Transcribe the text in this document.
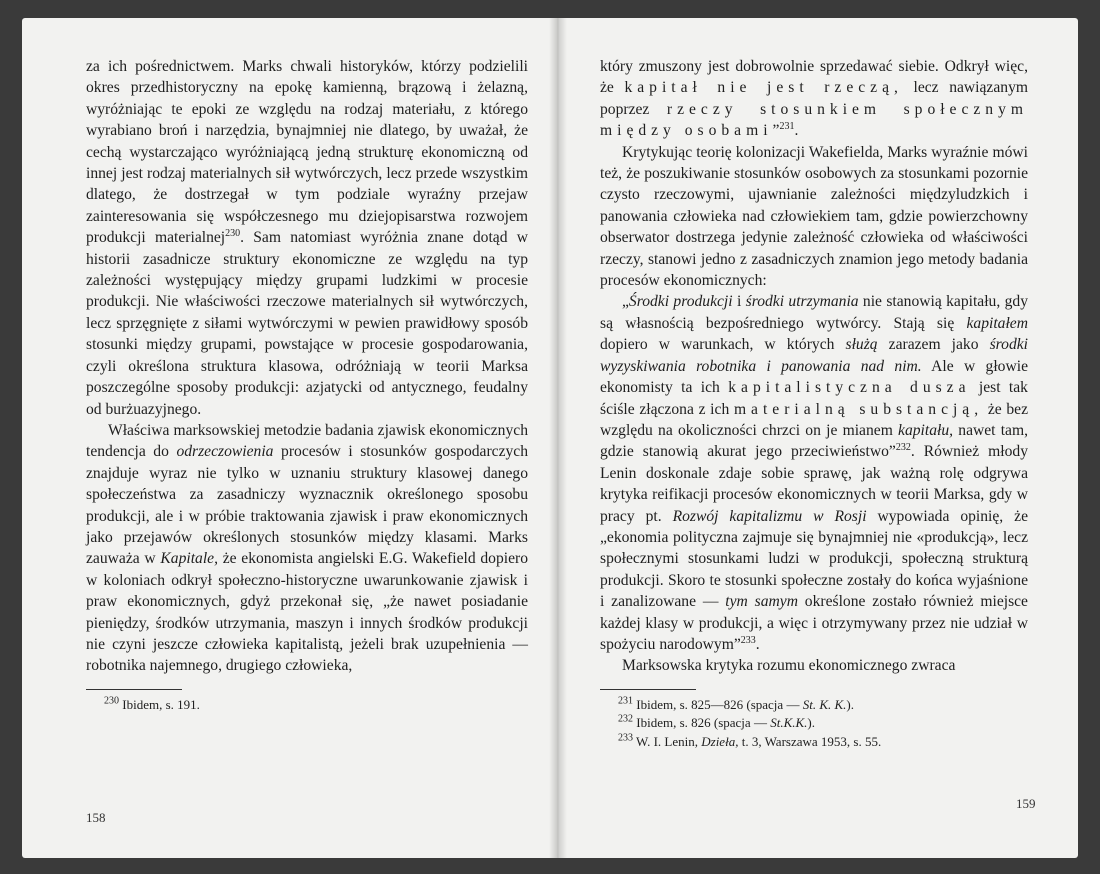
za ich pośrednictwem. Marks chwali historyków, którzy podzielili okres przedhistoryczny na epokę kamienną, brązową i żelazną, wyróżniając te epoki ze względu na rodzaj materiału, z którego wyrabiano broń i narzędzia, bynajmniej nie dlatego, by uważał, że cechą wystarczająco wyróżniającą jedną strukturę ekonomiczną od innej jest rodzaj materialnych sił wytwórczych, lecz przede wszystkim dlatego, że dostrzegał w tym podziale wyraźny przejaw zainteresowania się współczesnego mu dziejopisarstwa rozwojem produkcji materialnej$^{230}$. Sam natomiast wyróżnia znane dotąd w historii zasadnicze struktury ekonomiczne ze względu na typ zależności występujący między grupami ludzkimi w procesie produkcji. Nie właściwości rzeczowe materialnych sił wytwórczych, lecz sprzęgnięte z siłami wytwórczymi w pewien prawidłowy sposób stosunki między grupami, powstające w procesie gospodarowania, czyli określona struktura klasowa, odróżniają w teorii Marksa poszczególne sposoby produkcji: azjatycki od antycznego, feudalny od burżuazyjnego.

Właściwa marksowskiej metodzie badania zjawisk ekonomicznych tendencja do odrzeczowienia procesów i stosunków gospodarczych znajduje wyraz nie tylko w uznaniu struktury klasowej danego społeczeństwa za zasadniczy wyznacznik określonego sposobu produkcji, ale i w próbie traktowania zjawisk i praw ekonomicznych jako przejawów określonych stosunków między klasami. Marks zauważa w Kapitale, że ekonomista angielski E.G. Wakefield dopiero w koloniach odkrył społeczno-historyczne uwarunkowanie zjawisk i praw ekonomicznych, gdyż przekonał się, „że nawet posiadanie pieniędzy, środków utrzymania, maszyn i innych środków produkcji nie czyni jeszcze człowieka kapitalistą, jeżeli brak uzupełnienia — robotnika najemnego, drugiego człowieka,

$^{230}$ Ibidem, s. 191.

158

który zmuszony jest dobrowolnie sprzedawać siebie. Odkrył więc, że kapitał nie jest rzeczą, lecz nawiązanym poprzez rzeczy stosunkiem społecznym między osobami”$^{231}$.

Krytykując teorię kolonizacji Wakefielda, Marks wyraźnie mówi też, że poszukiwanie stosunków osobowych za stosunkami pozornie czysto rzeczowymi, ujawnianie zależności międzyludzkich i panowania człowieka nad człowiekiem tam, gdzie powierzchowny obserwator dostrzega jedynie zależność człowieka od właściwości rzeczy, stanowi jedno z zasadniczych znamion jego metody badania procesów ekonomicznych:

„Środki produkcji i środki utrzymania nie stanowią kapitału, gdy są własnością bezpośredniego wytwórcy. Stają się kapitałem dopiero w warunkach, w których służą zarazem jako środki wyzyskiwania robotnika i panowania nad nim. Ale w głowie ekonomisty ta ich kapitalistyczna dusza jest tak ściśle złączona z ich materialną substancją, że bez względu na okoliczności chrzci on je mianem kapitału, nawet tam, gdzie stanowią akurat jego przeciwieństwo”$^{232}$. Również młody Lenin doskonale zdaje sobie sprawę, jak ważną rolę odgrywa krytyka reifikacji procesów ekonomicznych w teorii Marksa, gdy w pracy pt. Rozwój kapitalizmu w Rosji wypowiada opinię, że „ekonomia polityczna zajmuje się bynajmniej nie «produkcją», lecz społecznymi stosunkami ludzi w produkcji, społeczną strukturą produkcji. Skoro te stosunki społeczne zostały do końca wyjaśnione i zanalizowane — tym samym określone zostało również miejsce każdej klasy w produkcji, a więc i otrzymywany przez nie udział w spożyciu narodowym”$^{233}$.

Marksowska krytyka rozumu ekonomicznego zwraca

$^{231}$ Ibidem, s. 825—826 (spacja — St. K. K.).

$^{232}$ Ibidem, s. 826 (spacja — St.K.K.).

$^{233}$ W. I. Lenin, Dzieła, t. 3, Warszawa 1953, s. 55.

159
